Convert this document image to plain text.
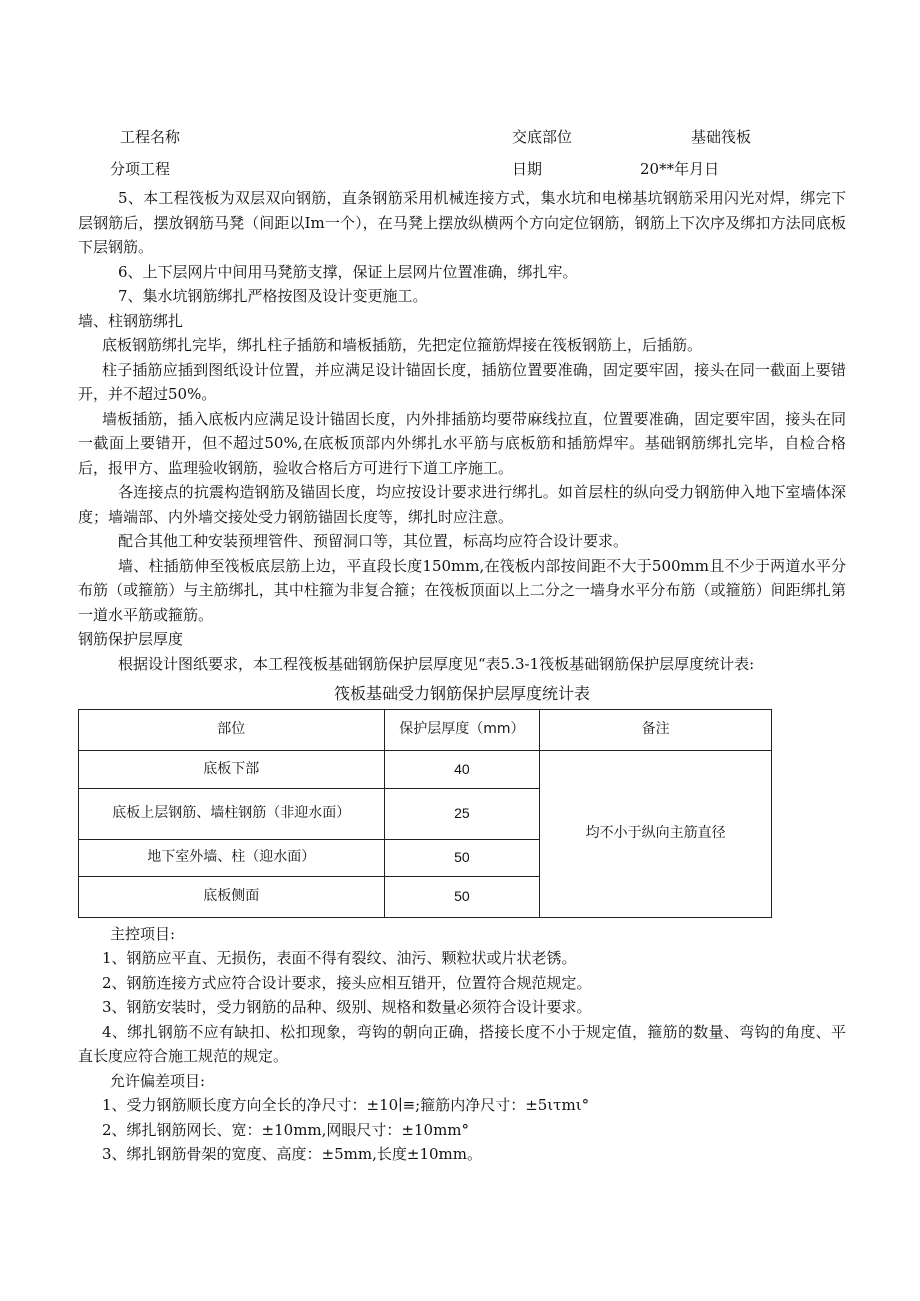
工程名称	交底部位	基础筏板
分项工程	日期	20**年月日

5、本工程筏板为双层双向钢筋，直条钢筋采用机械连接方式，集水坑和电梯基坑钢筋采用闪光对焊，绑完下层钢筋后，摆放钢筋马凳（间距以Im一个），在马凳上摆放纵横两个方向定位钢筋，钢筋上下次序及绑扣方法同底板下层钢筋。

6、上下层网片中间用马凳筋支撑，保证上层网片位置准确，绑扎牢。

7、集水坑钢筋绑扎严格按图及设计变更施工。

墙、柱钢筋绑扎

底板钢筋绑扎完毕，绑扎柱子插筋和墙板插筋，先把定位箍筋焊接在筏板钢筋上，后插筋。

柱子插筋应插到图纸设计位置，并应满足设计锚固长度，插筋位置要准确，固定要牢固，接头在同一截面上要错开，并不超过50%。

墙板插筋，插入底板内应满足设计锚固长度，内外排插筋均要带麻线拉直，位置要准确，固定要牢固，接头在同一截面上要错开，但不超过50%,在底板顶部内外绑扎水平筋与底板筋和插筋焊牢。基础钢筋绑扎完毕，自检合格后，报甲方、监理验收钢筋，验收合格后方可进行下道工序施工。

各连接点的抗震构造钢筋及锚固长度，均应按设计要求进行绑扎。如首层柱的纵向受力钢筋伸入地下室墙体深度；墙端部、内外墙交接处受力钢筋锚固长度等，绑扎时应注意。

配合其他工种安装预埋管件、预留洞口等，其位置，标高均应符合设计要求。

墙、柱插筋伸至筏板底层筋上边，平直段长度150mm,在筏板内部按间距不大于500mm且不少于两道水平分布筋（或箍筋）与主筋绑扎，其中柱箍为非复合箍；在筏板顶面以上二分之一墙身水平分布筋（或箍筋）间距绑扎第一道水平筋或箍筋。

钢筋保护层厚度

根据设计图纸要求，本工程筏板基础钢筋保护层厚度见“表5.3-1筏板基础钢筋保护层厚度统计表:

筏板基础受力钢筋保护层厚度统计表
部位	保护层厚度（mm）	备注
底板下部	40	均不小于纵向主筋直径
底板上层钢筋、墙柱钢筋（非迎水面）	25	
地下室外墙、柱（迎水面）	50	
底板侧面	50	

主控项目:

1、钢筋应平直、无损伤，表面不得有裂纹、油污、颗粒状或片状老锈。

2、钢筋连接方式应符合设计要求，接头应相互错开，位置符合规范规定。

3、钢筋安装时，受力钢筋的品种、级别、规格和数量必须符合设计要求。

4、绑扎钢筋不应有缺扣、松扣现象，弯钩的朝向正确，搭接长度不小于规定值，箍筋的数量、弯钩的角度、平直长度应符合施工规范的规定。

允许偏差项目:

1、受力钢筋顺长度方向全长的净尺寸：±10∣≡;箍筋内净尺寸：±5ιτmι°

2、绑扎钢筋网长、宽：±10mm,网眼尺寸：±10mm°

3、绑扎钢筋骨架的宽度、高度：±5mm,长度±10mm。
